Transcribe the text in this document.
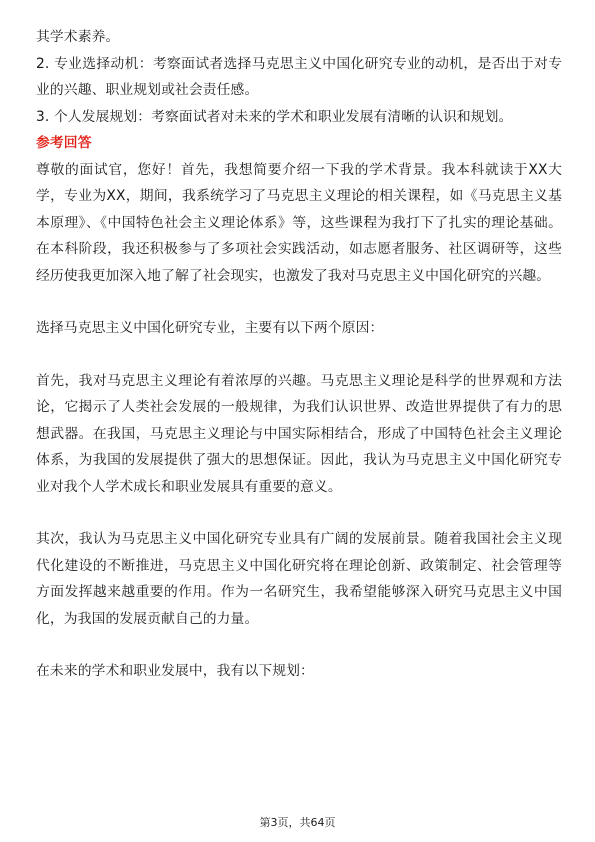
其学术素养。

2. 专业选择动机：考察面试者选择马克思主义中国化研究专业的动机，是否出于对专业的兴趣、职业规划或社会责任感。

3. 个人发展规划：考察面试者对未来的学术和职业发展有清晰的认识和规划。

参考回答

尊敬的面试官，您好！首先，我想简要介绍一下我的学术背景。我本科就读于XX大学，专业为XX，期间，我系统学习了马克思主义理论的相关课程，如《马克思主义基本原理》、《中国特色社会主义理论体系》等，这些课程为我打下了扎实的理论基础。在本科阶段，我还积极参与了多项社会实践活动，如志愿者服务、社区调研等，这些经历使我更加深入地了解了社会现实，也激发了我对马克思主义中国化研究的兴趣。

选择马克思主义中国化研究专业，主要有以下两个原因：

首先，我对马克思主义理论有着浓厚的兴趣。马克思主义理论是科学的世界观和方法论，它揭示了人类社会发展的一般规律，为我们认识世界、改造世界提供了有力的思想武器。在我国，马克思主义理论与中国实际相结合，形成了中国特色社会主义理论体系，为我国的发展提供了强大的思想保证。因此，我认为马克思主义中国化研究专业对我个人学术成长和职业发展具有重要的意义。

其次，我认为马克思主义中国化研究专业具有广阔的发展前景。随着我国社会主义现代化建设的不断推进，马克思主义中国化研究将在理论创新、政策制定、社会管理等方面发挥越来越重要的作用。作为一名研究生，我希望能够深入研究马克思主义中国化，为我国的发展贡献自己的力量。

在未来的学术和职业发展中，我有以下规划：

第3页，共64页
